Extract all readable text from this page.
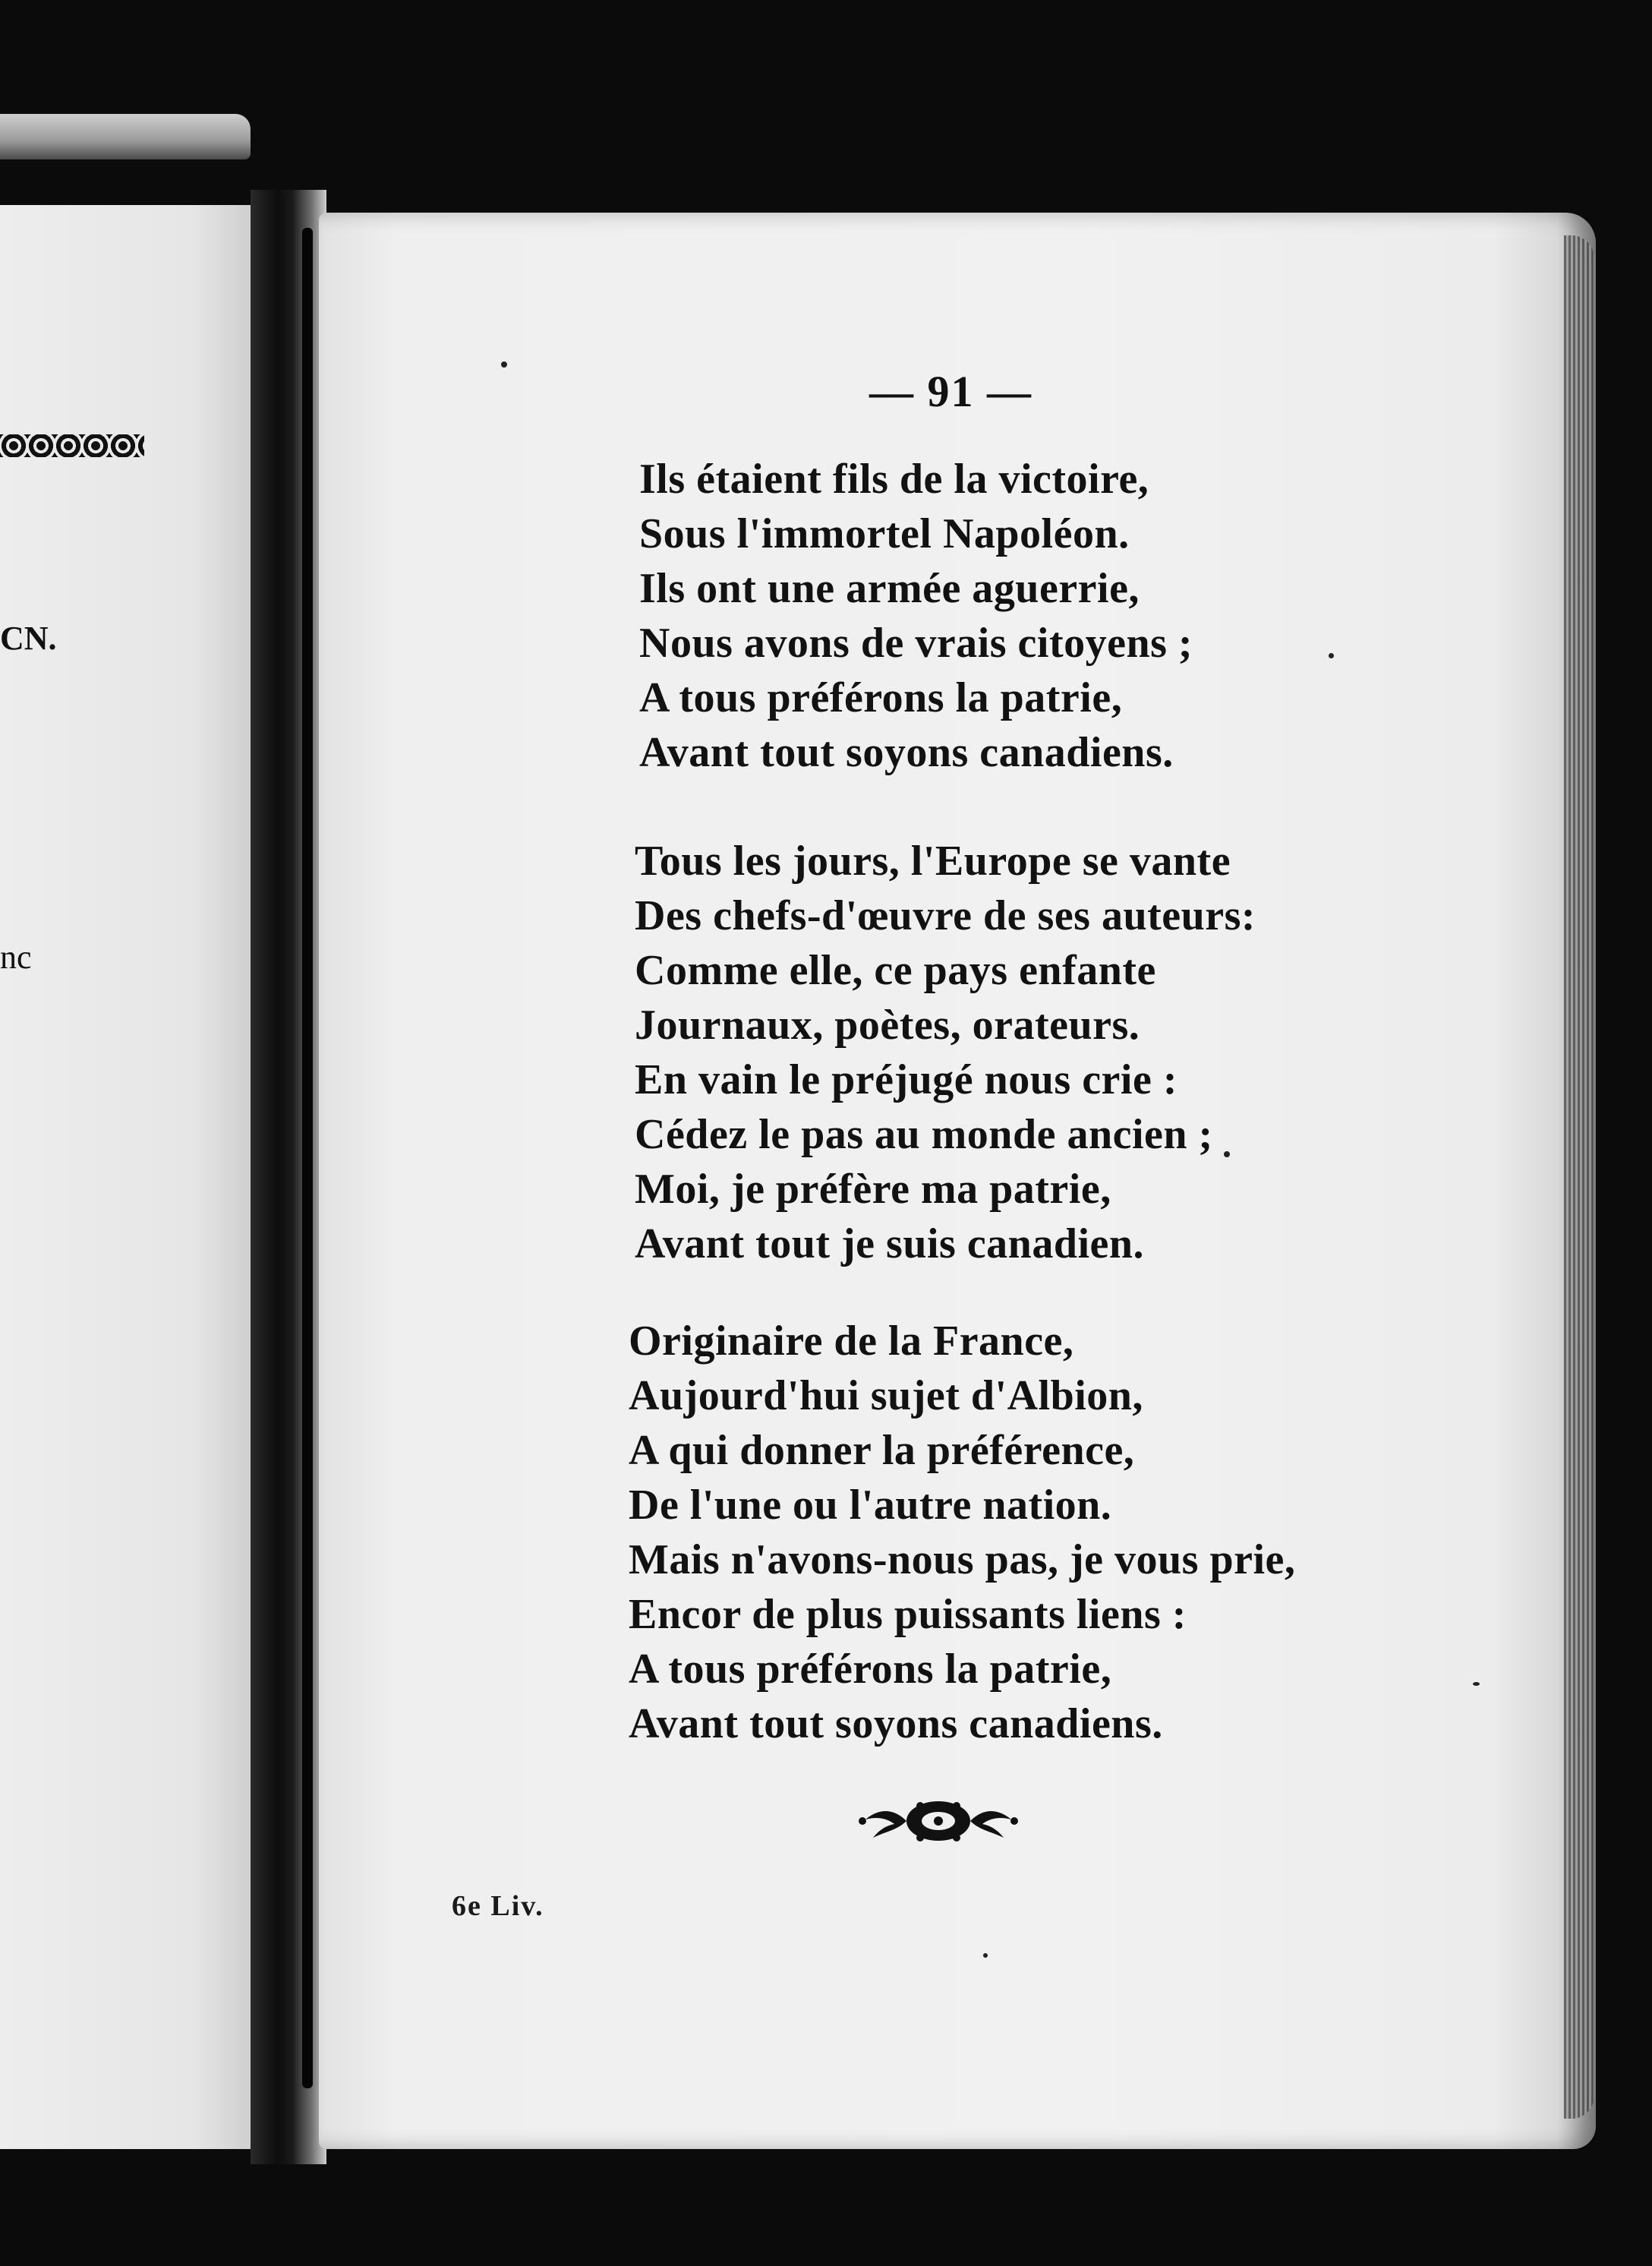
CN.
nc
— 91 —
Ils étaient fils de la victoire,
Sous l'immortel Napoléon.
Ils ont une armée aguerrie,
Nous avons de vrais citoyens ;
A tous préférons la patrie,
Avant tout soyons canadiens.
Tous les jours, l'Europe se vante
Des chefs-d'œuvre de ses auteurs:
Comme elle, ce pays enfante
Journaux, poètes, orateurs.
En vain le préjugé nous crie :
Cédez le pas au monde ancien ;
Moi, je préfère ma patrie,
Avant tout je suis canadien.
Originaire de la France,
Aujourd'hui sujet d'Albion,
A qui donner la préférence,
De l'une ou l'autre nation.
Mais n'avons-nous pas, je vous prie,
Encor de plus puissants liens :
A tous préférons la patrie,
Avant tout soyons canadiens.
6e Liv.
